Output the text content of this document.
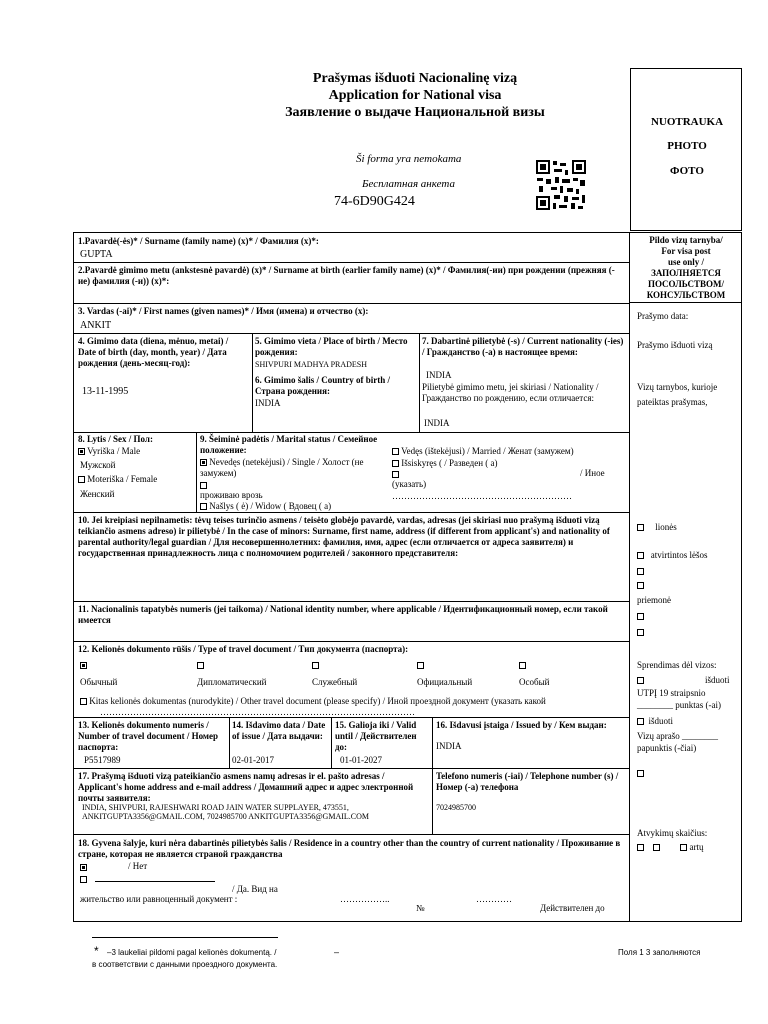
Prašymas išduoti Nacionalinę vizą
Application for National visa
Заявление о выдаче Национальной визы
Ši forma yra nemokama
Бесплатная анкета
74-6D90G424
NUOTRAUKA
PHOTO
ФОТО
1.Pavardė(-ės)* / Surname (family name) (x)* / Фамилия (x)*:
GUPTA
2.Pavardė gimimo metu (ankstesnė pavardė) (x)* / Surname at birth (earlier family name) (x)* / Фамилия(-ии) при рождении (прежняя (-ие) фамилия (-и)) (x)*:
3. Vardas (-ai)* / First names (given names)* / Имя (имена) и отчество (x):
ANKIT
4. Gimimo data (diena, mėnuo, metai) / Date of birth (day, month, year) / Дата рождения (день-месяц-год):
13-11-1995
5. Gimimo vieta / Place of birth / Место рождения:
SHIVPURI MADHYA PRADESH
6. Gimimo šalis / Country of birth / Страна рождения:
INDIA
7. Dabartinė pilietybė (-s) / Current nationality (-ies) / Гражданство (-a) в настоящее время:
INDIA
Pilietybė gimimo metu, jei skiriasi / Nationality / Гражданство по рождению, если отличается:
INDIA
8. Lytis / Sex / Пол:
Vyriška / Male
Мужской
Moteriška / Female
Женский
9. Šeiminė padėtis / Marital status / Семейное положение:
Nevedęs (netekėjusi) / Single / Холост (не замужем)
проживаю врозь
Našlys ( ė) / Widow ( Вдовец ( a)
Vedęs (ištekėjusi) / Married / Женат (замужем)
Išsiskyręs ( / Разведен ( a)
/ Иное
(указать)
……………………………………………………
10. Jei kreipiasi nepilnametis: tėvų teises turinčio asmens / teisėto globėjo pavardė, vardas, adresas (jei skiriasi nuo prašymą išduoti vizą teikiančio asmens adreso) ir pilietybė / In the case of minors: Surname, first name, address (if different from applicant's) and nationality of parental authority/legal guardian / Для несовершеннолетних: фамилия, имя, адрес (если отличается от адреса заявителя) и государственная принадлежность лица с полномочием родителей / законного представителя:
11. Nacionalinis tapatybės numeris (jei taikoma) / National identity number, where applicable / Идентификационный номер, если такой имеется
12. Kelionės dokumento rūšis / Type of travel document / Тип документа (паспорта):
Обычный	Дипломатический	Служебный	Официальный	Особый
Kitas kelionės dokumentas (nurodykite) / Other travel document (please specify) / Иной проездной документ (указать какой
……………………………………………………………………………………………
13. Kelionės dokumento numeris / Number of travel document / Номер паспорта:
P5517989
14. Išdavimo data / Date of issue / Дата выдачи:
02-01-2017
15. Galioja iki / Valid until / Действителен до:
01-01-2027
16. Išdavusi įstaiga / Issued by / Кем выдан:
INDIA
17. Prašymą išduoti vizą pateikiančio asmens namų adresas ir el. pašto adresas / Applicant's home address and e-mail address / Домашний адрес и адрес электронной почты заявителя:
INDIA, SHIVPURI, RAJESHWARI ROAD JAIN WATER SUPPLAYER, 473551,
ANKITGUPTA3356@GMAIL.COM, 7024985700 ANKITGUPTA3356@GMAIL.COM
Telefono numeris (-iai) / Telephone number (s) / Номер (-a) телефона
7024985700
18. Gyvena šalyje, kuri nėra dabartinės pilietybės šalis / Residence in a country other than the country of current nationality / Проживание в стране, которая не является страной гражданства
/ Нет
/ Да. Вид на
жительство или равноценный документ :	……………..
№
…………
Действителен до
Pildo vizų tarnyba/
For visa post
use only /
ЗАПОЛНЯЕТСЯ
ПОСОЛЬСТВОМ/
КОНСУЛЬСТВОМ
Prašymo data:
Prašymo išduoti vizą
Vizų tarnybos, kurioje
pateiktas prašymas,
lionės
atvirtintos lėšos
priemonė
Sprendimas dėl vizos:
išduoti
UTPĮ 19 straipsnio
________ punktas (-ai)
išduoti
Vizų aprašo ________
papunktis (-čiai)
Atvykimų skaičius:
artų
* –3 laukeliai pildomi pagal kelionės dokumentą. /	–
в соответствии с данными проездного документа.
Поля 1 3 заполняются
